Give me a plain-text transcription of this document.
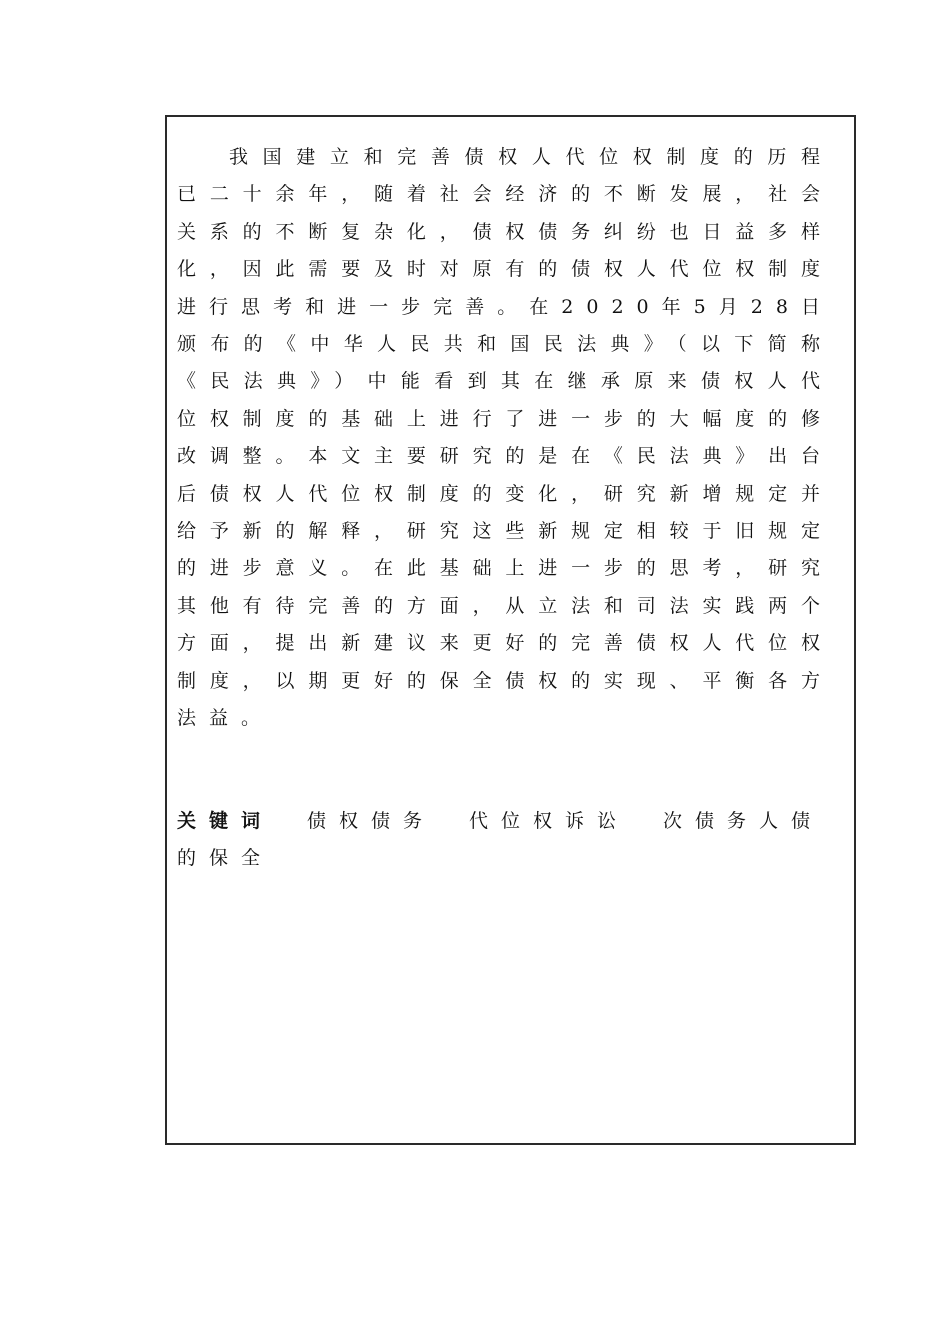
我国建立和完善债权人代位权制度的历程已二十余年，随着社会经济的不断发展，社会关系的不断复杂化，债权债务纠纷也日益多样化，因此需要及时对原有的债权人代位权制度进行思考和进一步完善。在2020年5月28日颁布的《中华人民共和国民法典》（以下简称《民法典》）中能看到其在继承原来债权人代位权制度的基础上进行了进一步的大幅度的修改调整。本文主要研究的是在《民法典》出台后债权人代位权制度的变化，研究新增规定并给予新的解释，研究这些新规定相较于旧规定的进步意义。在此基础上进一步的思考，研究其他有待完善的方面，从立法和司法实践两个方面，提出新建议来更好的完善债权人代位权制度，以期更好的保全债权的实现、平衡各方法益。

关键词 债权债务 代位权诉讼 次债务人债的保全
